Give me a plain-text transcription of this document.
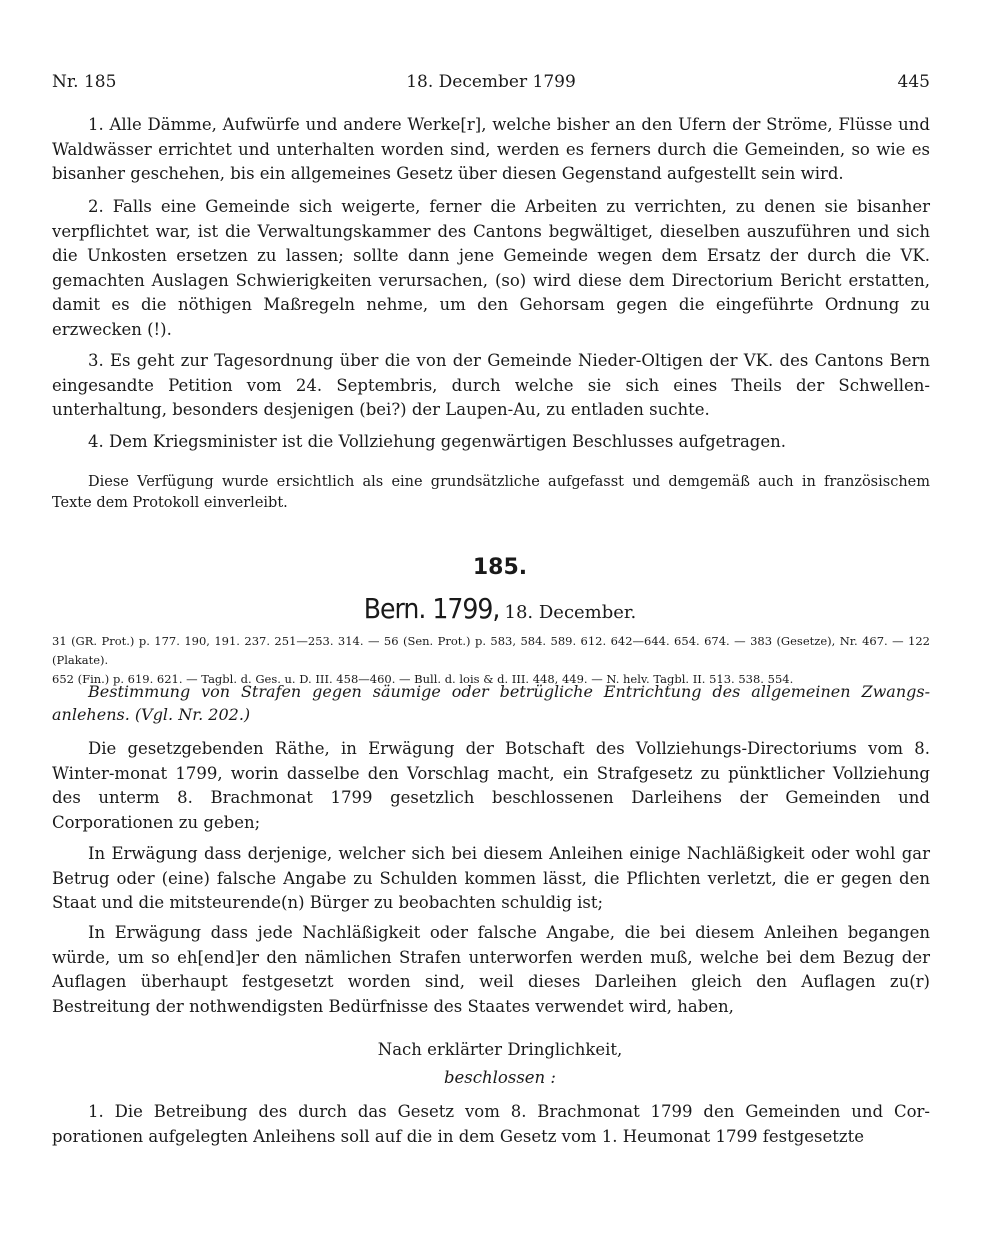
Nr. 185	18. December 1799	445

1. Alle Dämme, Aufwürfe und andere Werke[r], welche bisher an den Ufern der Ströme, Flüsse und Waldwässer errichtet und unterhalten worden sind, werden es ferners durch die Gemeinden, so wie es bisanher geschehen, bis ein allgemeines Gesetz über diesen Gegenstand aufgestellt sein wird.

2. Falls eine Gemeinde sich weigerte, ferner die Arbeiten zu verrichten, zu denen sie bisanher verpflichtet war, ist die Verwaltungskammer des Cantons begwältiget, dieselben auszuführen und sich die Unkosten ersetzen zu lassen; sollte dann jene Gemeinde wegen dem Ersatz der durch die VK. gemachten Auslagen Schwierigkeiten verursachen, (so) wird diese dem Directorium Bericht erstatten, damit es die nöthigen Maßregeln nehme, um den Gehorsam gegen die eingeführte Ordnung zu erzwecken (!).

3. Es geht zur Tagesordnung über die von der Gemeinde Nieder-Oltigen der VK. des Cantons Bern eingesandte Petition vom 24. Septembris, durch welche sie sich eines Theils der Schwellen-unterhaltung, besonders desjenigen (bei?) der Laupen-Au, zu entladen suchte.

4. Dem Kriegsminister ist die Vollziehung gegenwärtigen Beschlusses aufgetragen.

Diese Verfügung wurde ersichtlich als eine grundsätzliche aufgefasst und demgemäß auch in französischem Texte dem Protokoll einverleibt.

185.
Bern. 1799, 18. December.
31 (GR. Prot.) p. 177. 190, 191. 237. 251—253. 314. — 56 (Sen. Prot.) p. 583, 584. 589. 612. 642—644. 654. 674. — 383 (Gesetze), Nr. 467. — 122 (Plakate).
652 (Fin.) p. 619. 621. — Tagbl. d. Ges. u. D. III. 458—460. — Bull. d. lois & d. III. 448, 449. — N. helv. Tagbl. II. 513. 538. 554.

Bestimmung von Strafen gegen säumige oder betrügliche Entrichtung des allgemeinen Zwangs-anlehens. (Vgl. Nr. 202.)

Die gesetzgebenden Räthe, in Erwägung der Botschaft des Vollziehungs-Directoriums vom 8. Winter-monat 1799, worin dasselbe den Vorschlag macht, ein Strafgesetz zu pünktlicher Vollziehung des unterm 8. Brachmonat 1799 gesetzlich beschlossenen Darleihens der Gemeinden und Corporationen zu geben;

In Erwägung dass derjenige, welcher sich bei diesem Anleihen einige Nachläßigkeit oder wohl gar Betrug oder (eine) falsche Angabe zu Schulden kommen lässt, die Pflichten verletzt, die er gegen den Staat und die mitsteurende(n) Bürger zu beobachten schuldig ist;

In Erwägung dass jede Nachläßigkeit oder falsche Angabe, die bei diesem Anleihen begangen würde, um so eh[end]er den nämlichen Strafen unterworfen werden muß, welche bei dem Bezug der Auflagen überhaupt festgesetzt worden sind, weil dieses Darleihen gleich den Auflagen zu(r) Bestreitung der nothwendigsten Bedürfnisse des Staates verwendet wird, haben,

Nach erklärter Dringlichkeit,
beschlossen :

1. Die Betreibung des durch das Gesetz vom 8. Brachmonat 1799 den Gemeinden und Cor-porationen aufgelegten Anleihens soll auf die in dem Gesetz vom 1. Heumonat 1799 festgesetzte
